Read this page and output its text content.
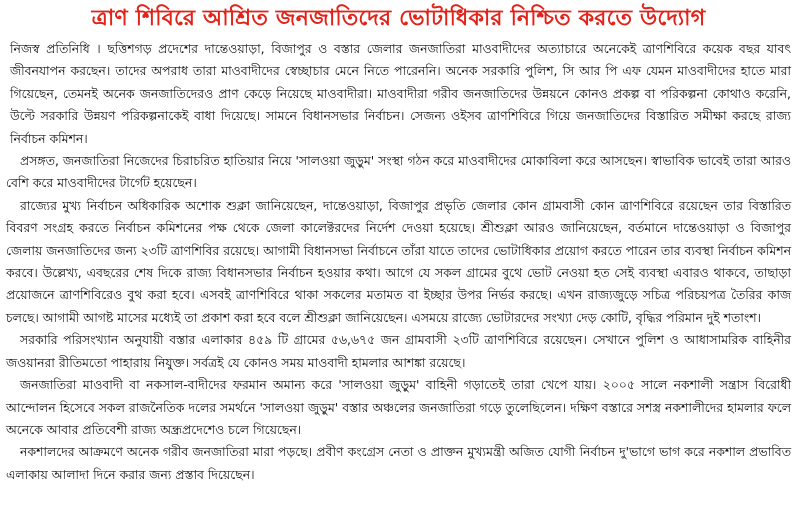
ত্রাণ শিবিরে আশ্রিত জনজাতিদের ভোটাধিকার নিশ্চিত করতে উদ্যোগ

নিজস্ব প্রতিনিধি । ছত্তিশগড় প্রদেশের দান্তেওয়াড়া, বিজাপুর ও বস্তার জেলার জনজাতিরা মাওবাদীদের অত্যাচারে অনেকেই ত্রাণশিবিরে কয়েক বছর যাবৎ জীবনযাপন করছেন। তাদের অপরাধ তারা মাওবাদীদের স্বেচ্ছাচার মেনে নিতে পারেননি। অনেক সরকারি পুলিশ, সি আর পি এফ যেমন মাওবাদীদের হাতে মারা গিয়েছেন, তেমনই অনেক জনজাতিদেরও প্রাণ কেড়ে নিয়েছে মাওবাদীরা। মাওবাদীরা গরীব জনজাতিদের উন্নয়নে কোনও প্রকল্প বা পরিকল্পনা কোথাও করেনি, উল্টে সরকারি উন্নয়ণ পরিকল্পনাকেই বাধা দিয়েছে। সামনে বিধানসভার নির্বাচন। সেজন্য ওইসব ত্রাণশিবিরে গিয়ে জনজাতিদের বিস্তারিত সমীক্ষা করছে রাজ্য নির্বাচন কমিশন।

প্রসঙ্গত, জনজাতিরা নিজেদের চিরাচরিত হাতিয়ার নিয়ে 'সালওয়া জুড়ুম' সংস্থা গঠন করে মাওবাদীদের মোকাবিলা করে আসছেন। স্বাভাবিক ভাবেই তারা আরও বেশি করে মাওবাদীদের টার্গেট হয়েছেন।

রাজ্যের মুখ্য নির্বাচন অধিকারিক অশোক শুক্লা জানিয়েছেন, দান্তেওয়াড়া, বিজাপুর প্রভৃতি জেলার কোন গ্রামবাসী কোন ত্রাণশিবিরে রয়েছেন তার বিস্তারিত বিবরণ সংগ্রহ করতে নির্বাচন কমিশনের পক্ষ থেকে জেলা কালেক্টরদের নির্দেশ দেওয়া হয়েছে। শ্রীশুক্লা আরও জানিয়েছেন, বর্তমানে দান্তেওয়াড়া ও বিজাপুর জেলায় জনজাতিদের জন্য ২৩টি ত্রাণশিবির রয়েছে। আগামী বিধানসভা নির্বাচনে তাঁরা যাতে তাদের ভোটাধিকার প্রয়োগ করতে পারেন তার ব্যবস্থা নির্বাচন কমিশন করবে। উল্লেখ্য, এবছরের শেষ দিকে রাজ্য বিধানসভার নির্বাচন হওয়ার কথা। আগে যে সকল গ্রামের বুথে ভোট নেওয়া হত সেই ব্যবস্থা এবারও থাকবে, তাছাড়া প্রয়োজনে ত্রাণশিবিরেও বুথ করা হবে। এসবই ত্রাণশিবিরে থাকা সকলের মতামত বা ইচ্ছার উপর নির্ভর করছে। এখন রাজ্যজুড়ে সচিত্র পরিচয়পত্র তৈরির কাজ চলছে। আগামী আগষ্ট মাসের মধ্যেই তা প্রকাশ করা হবে বলে শ্রীশুক্লা জানিয়েছেন। এসময়ে রাজ্যে ভোটারদের সংখ্যা দেড় কোটি, বৃদ্ধির পরিমান দুই শতাংশ।

সরকারি পরিসংখ্যান অনুযায়ী বস্তার এলাকার ৪৫৯ টি গ্রামের ৫৬,৬৭৫ জন গ্রামবাসী ২৩টি ত্রাণশিবিরে রয়েছেন। সেখানে পুলিশ ও আধাসামরিক বাহিনীর জওয়ানরা রীতিমতো পাহারায় নিযুক্ত। সর্বত্রই যে কোনও সময় মাওবাদী হামলার আশঙ্কা রয়েছে।

জনজাতিরা মাওবাদী বা নকসাল-বাদীদের ফরমান অমান্য করে 'সালওয়া জুড়ুম' বাহিনী গড়াতেই তারা খেপে যায়। ২০০৫ সালে নকশালী সন্ত্রাস বিরোধী আন্দোলন হিসেবে সকল রাজনৈতিক দলের সমর্থনে 'সালওয়া জুড়ুম' বস্তার অঞ্চলের জনজাতিরা গড়ে তুলেছিলেন। দক্ষিণ বস্তারে সশস্ত্র নকশালীদের হামলার ফলে অনেকে আবার প্রতিবেশী রাজ্য অন্ধ্রপ্রদেশেও চলে গিয়েছেন।

নকশালদের আক্রমণে অনেক গরীব জনজাতিরা মারা পড়ছে। প্রবীণ কংগ্রেস নেতা ও প্রাক্তন মুখ্যমন্ত্রী অজিত যোগী নির্বাচন দু'ভাগে ভাগ করে নকশাল প্রভাবিত এলাকায় আলাদা দিনে করার জন্য প্রস্তাব দিয়েছেন।
